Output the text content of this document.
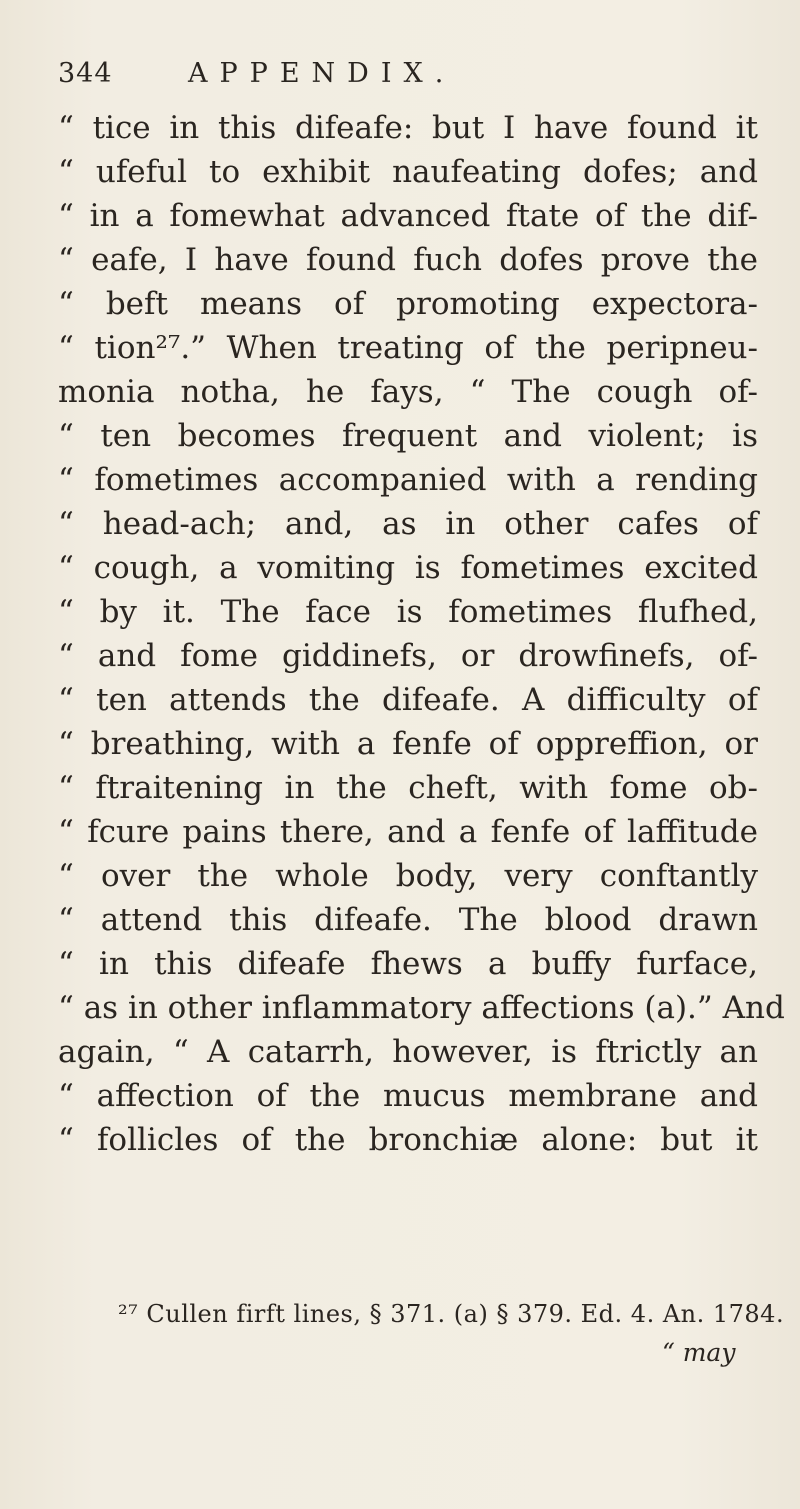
344	APPENDIX.
“ tice in this difeafe: but I have found it
“ ufeful to exhibit naufeating dofes; and
“ in a fomewhat advanced ftate of the dif-
“ eafe, I have found fuch dofes prove the
“ beft means of promoting expectora-
“ tion²⁷.” When treating of the peripneu-
monia notha, he fays, “ The cough of-
“ ten becomes frequent and violent; is
“ fometimes accompanied with a rending
“ head-ach; and, as in other cafes of
“ cough, a vomiting is fometimes excited
“ by it. The face is fometimes flufhed,
“ and fome giddinefs, or drowfinefs, of-
“ ten attends the difeafe. A difficulty of
“ breathing, with a fenfe of oppreffion, or
“ ftraitening in the cheft, with fome ob-
“ fcure pains there, and a fenfe of laffitude
“ over the whole body, very conftantly
“ attend this difeafe. The blood drawn
“ in this difeafe fhews a buffy furface,
“ as in other inflammatory affections (a).” And
again, “ A catarrh, however, is ftrictly an
“ affection of the mucus membrane and
“ follicles of the bronchiæ alone: but it
²⁷ Cullen firft lines, § 371. (a) § 379. Ed. 4. An. 1784.
“ may
